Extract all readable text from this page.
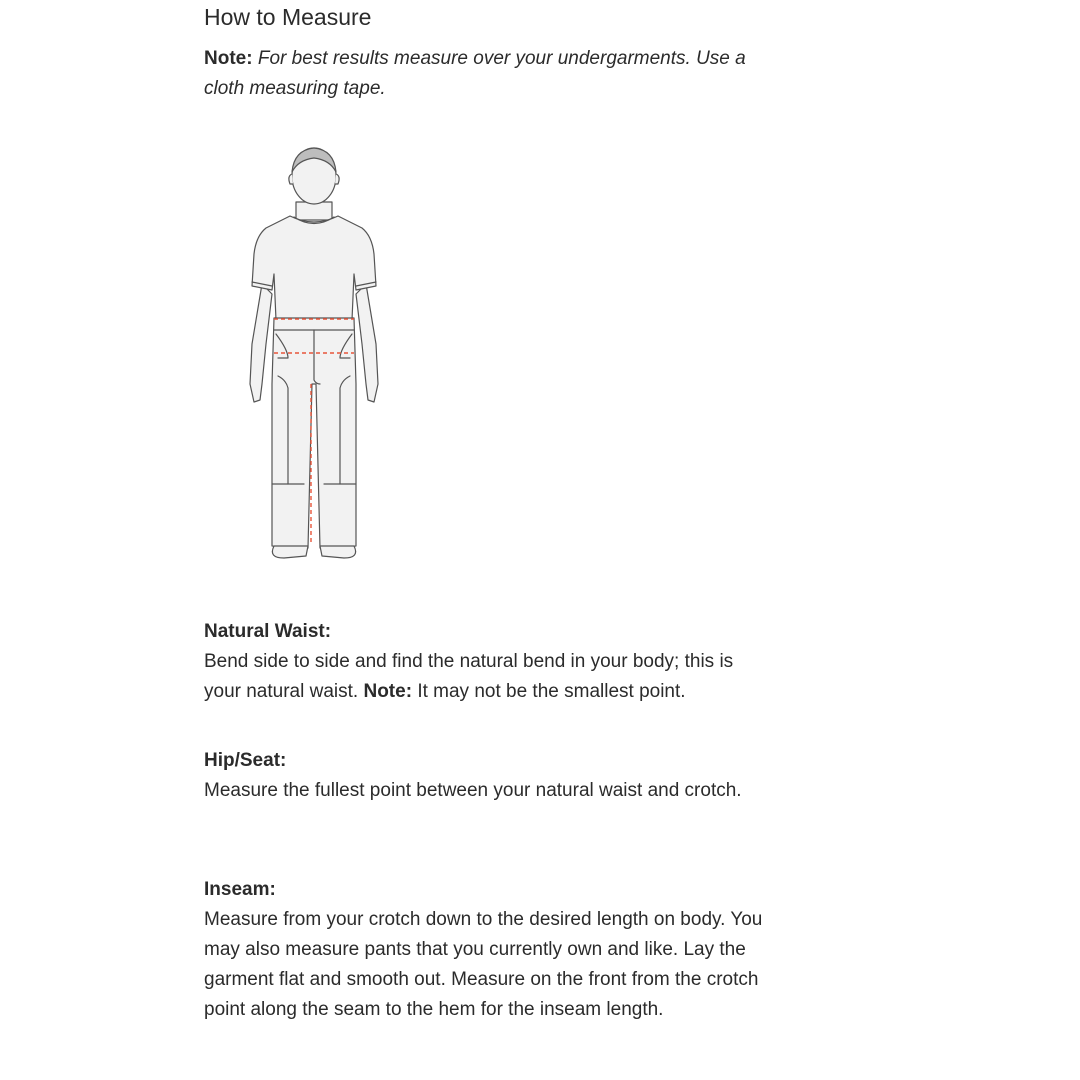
How to Measure

Note: For best results measure over your undergarments. Use a cloth measuring tape.

Natural Waist:
Bend side to side and find the natural bend in your body; this is your natural waist. Note: It may not be the smallest point.
Hip/Seat:
Measure the fullest point between your natural waist and crotch.
Inseam:
Measure from your crotch down to the desired length on body. You may also measure pants that you currently own and like. Lay the garment flat and smooth out. Measure on the front from the crotch point along the seam to the hem for the inseam length.
